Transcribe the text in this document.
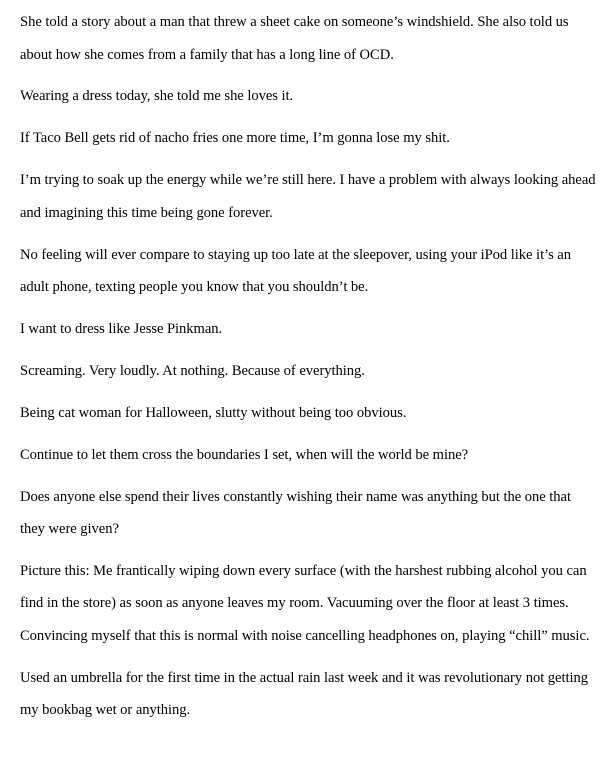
She told a story about a man that threw a sheet cake on someone’s windshield. She also told us about how she comes from a family that has a long line of OCD.

Wearing a dress today, she told me she loves it.

If Taco Bell gets rid of nacho fries one more time, I’m gonna lose my shit.

I’m trying to soak up the energy while we’re still here. I have a problem with always looking ahead and imagining this time being gone forever.

No feeling will ever compare to staying up too late at the sleepover, using your iPod like it’s an adult phone, texting people you know that you shouldn’t be.

I want to dress like Jesse Pinkman.

Screaming. Very loudly. At nothing. Because of everything.

Being cat woman for Halloween, slutty without being too obvious.

Continue to let them cross the boundaries I set, when will the world be mine?

Does anyone else spend their lives constantly wishing their name was anything but the one that they were given?

Picture this: Me frantically wiping down every surface (with the harshest rubbing alcohol you can find in the store) as soon as anyone leaves my room. Vacuuming over the floor at least 3 times. Convincing myself that this is normal with noise cancelling headphones on, playing “chill” music.

Used an umbrella for the first time in the actual rain last week and it was revolutionary not getting my bookbag wet or anything.
